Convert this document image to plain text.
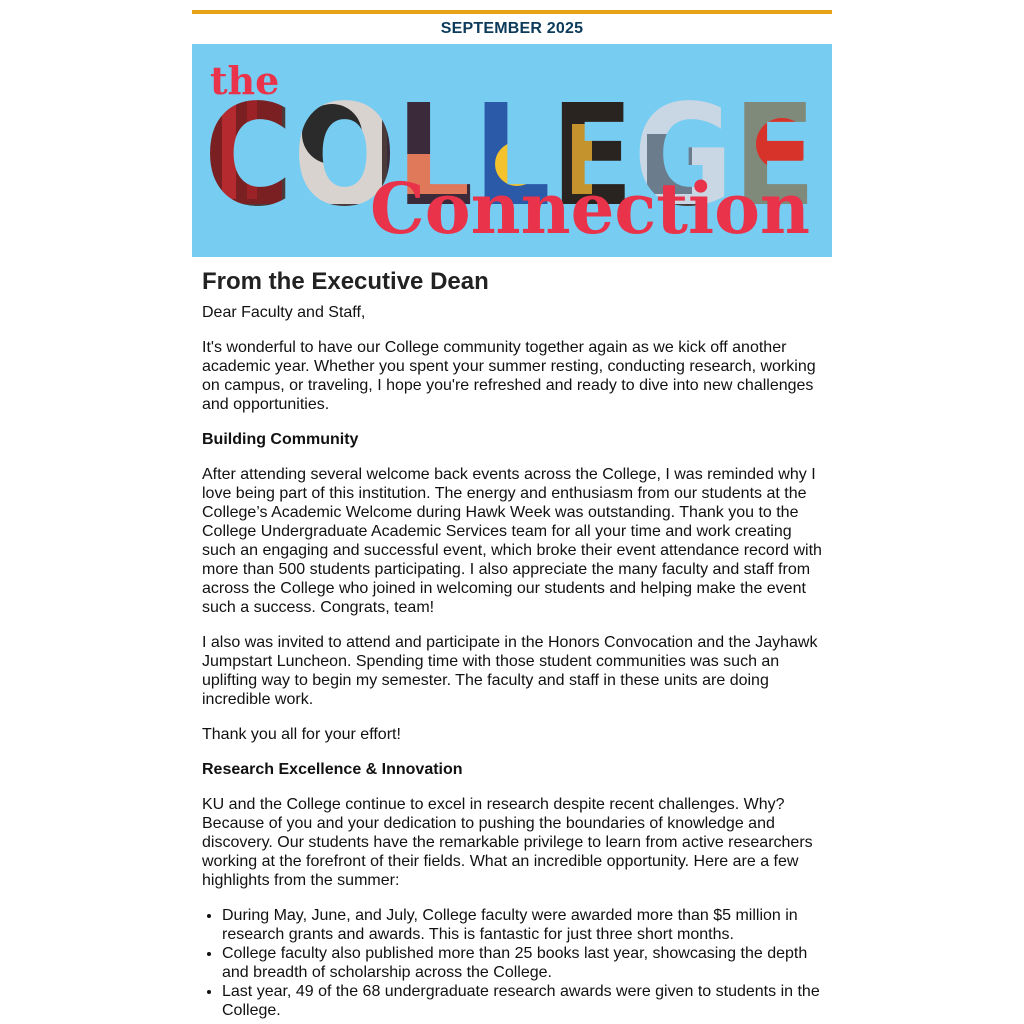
SEPTEMBER 2025
the
COLLEGE
Connection
From the Executive Dean

Dear Faculty and Staff,

It's wonderful to have our College community together again as we kick off another academic year. Whether you spent your summer resting, conducting research, working on campus, or traveling, I hope you're refreshed and ready to dive into new challenges and opportunities.

Building Community

After attending several welcome back events across the College, I was reminded why I love being part of this institution. The energy and enthusiasm from our students at the College’s Academic Welcome during Hawk Week was outstanding. Thank you to the College Undergraduate Academic Services team for all your time and work creating such an engaging and successful event, which broke their event attendance record with more than 500 students participating. I also appreciate the many faculty and staff from across the College who joined in welcoming our students and helping make the event such a success. Congrats, team!

I also was invited to attend and participate in the Honors Convocation and the Jayhawk Jumpstart Luncheon. Spending time with those student communities was such an uplifting way to begin my semester. The faculty and staff in these units are doing incredible work.

Thank you all for your effort!

Research Excellence & Innovation

KU and the College continue to excel in research despite recent challenges. Why? Because of you and your dedication to pushing the boundaries of knowledge and discovery. Our students have the remarkable privilege to learn from active researchers working at the forefront of their fields. What an incredible opportunity. Here are a few highlights from the summer:

• During May, June, and July, College faculty were awarded more than $5 million in research grants and awards. This is fantastic for just three short months.
• College faculty also published more than 25 books last year, showcasing the depth and breadth of scholarship across the College.
• Last year, 49 of the 68 undergraduate research awards were given to students in the College.
